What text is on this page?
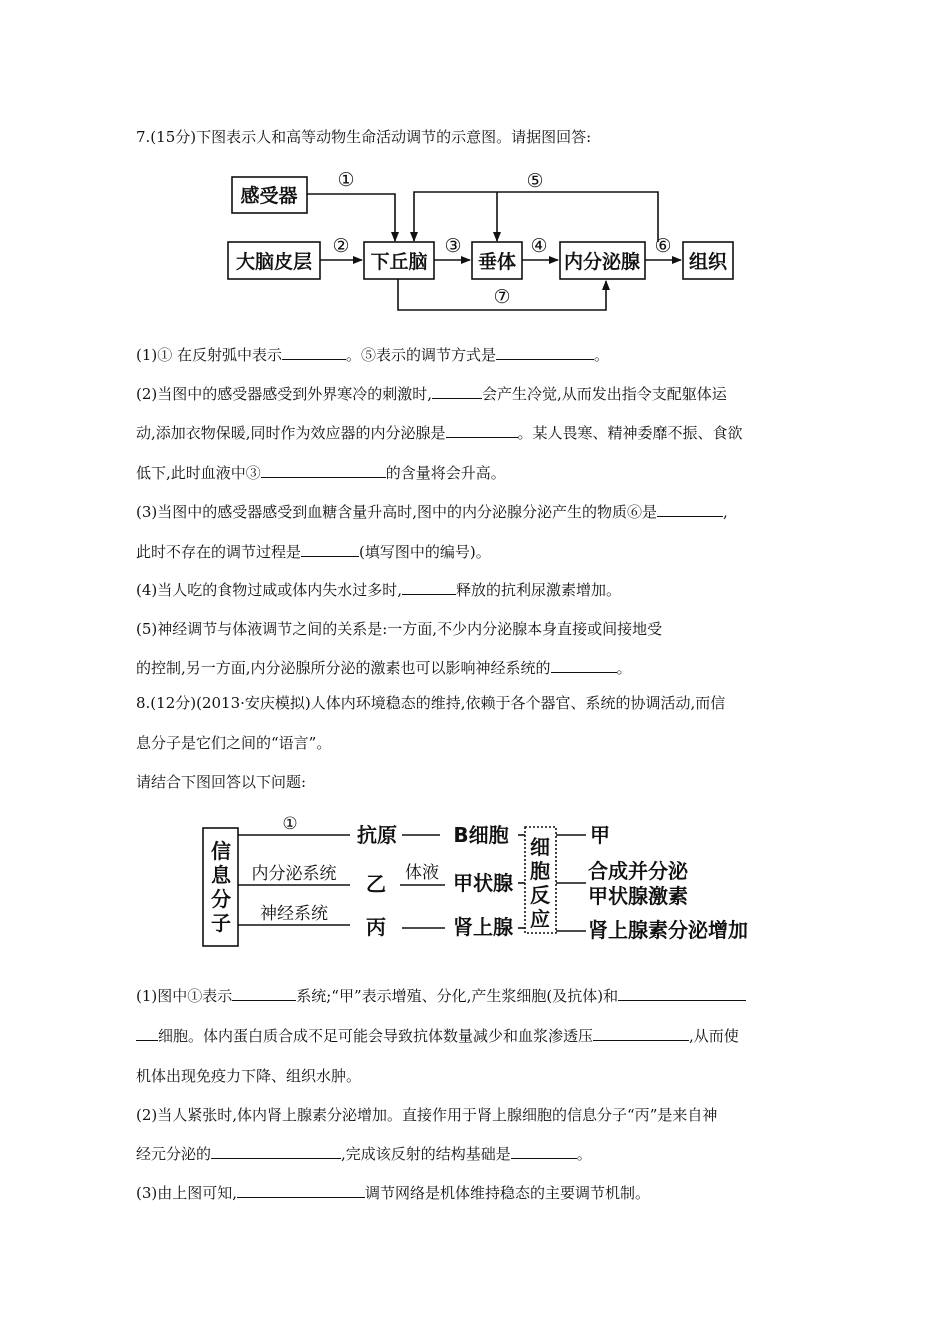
7.(15分)下图表示人和高等动物生命活动调节的示意图。请据图回答:
感受器
大脑皮层	下丘脑	垂体	内分泌腺	组织
①
②	③	④
⑤
⑥
⑦
(1)① 在反射弧中表示	。⑤表示的调节方式是	。
(2)当图中的感受器感受到外界寒冷的刺激时,	会产生冷觉,从而发出指令支配躯体运
动,添加衣物保暖,同时作为效应器的内分泌腺是	。某人畏寒、精神委靡不振、食欲
低下,此时血液中③	的含量将会升高。
(3)当图中的感受器感受到血糖含量升高时,图中的内分泌腺分泌产生的物质⑥是	,
此时不存在的调节过程是	(填写图中的编号)。
(4)当人吃的食物过咸或体内失水过多时,	释放的抗利尿激素增加。
(5)神经调节与体液调节之间的关系是:一方面,不少内分泌腺本身直接或间接地受
的控制,另一方面,内分泌腺所分泌的激素也可以影响神经系统的	。
8.(12分)(2013·安庆模拟)人体内环境稳态的维持,依赖于各个器官、系统的协调活动,而信
息分子是它们之间的“语言”。
请结合下图回答以下问题:
信
息
分
子
抗原
乙
丙
B细胞
甲状腺
肾上腺
细
胞
反
应
甲
合成并分泌
甲状腺激素
肾上腺素分泌增加
①
内分泌系统
神经系统
体液
(1)图中①表示	系统;“甲”表示增殖、分化,产生浆细胞(及抗体)和
细胞。体内蛋白质合成不足可能会导致抗体数量减少和血浆渗透压	,从而使
机体出现免疫力下降、组织水肿。
(2)当人紧张时,体内肾上腺素分泌增加。直接作用于肾上腺细胞的信息分子“丙”是来自神
经元分泌的	,完成该反射的结构基础是	。
(3)由上图可知,	调节网络是机体维持稳态的主要调节机制。
